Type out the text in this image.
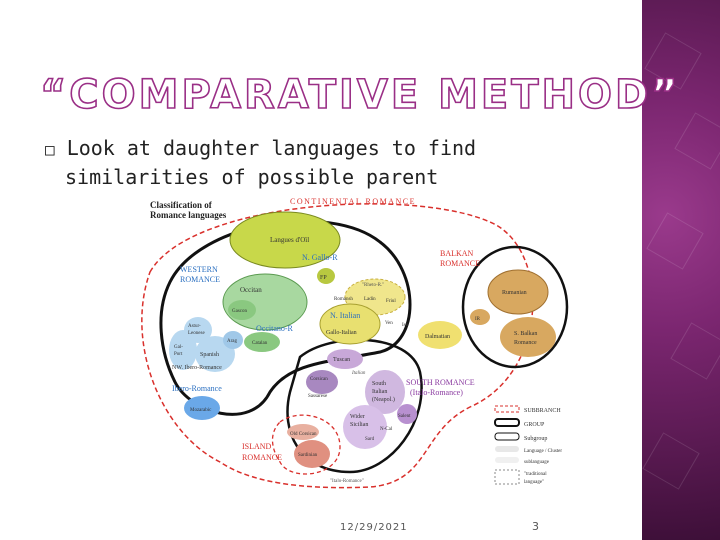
“COMPARATIVE METHOD”
□ Look at daughter languages to find
similarities of possible parent
Classification of
Romance languages
CONTINENTAL ROMANCE
WESTERN
ROMANCE
BALKAN
ROMANCE
Langues d'Oïl
N. Gallo-R
FP
Occitan
Gascon
Occitano-R
Catalan
"Rheto-R."
Romansh Ladin Friul
N. Italian
Ven Istr
Gallo-Italian
Dalmatian
Rumanian
IR
S. Balkan
Romance
Astur-
Leonese
Gal-
Port	Spanish
Arag
NW. Ibero-Romance
Ibero-Romance
Mozarabic
Tuscan
Corsican
Sassarese
Italian
South
Italian
(Neapol.)
Wider
Sicilian
Salent
N-Cal
Sard
Old Corsican
Sardinian
SOUTH ROMANCE
(Italo-Romance)
ISLAND
ROMANCE
"Italo-Romance"
SUBBRANCH
GROUP
Subgroup
Language / Cluster
sublanguage
"traditional
language"
12/29/2021	3
